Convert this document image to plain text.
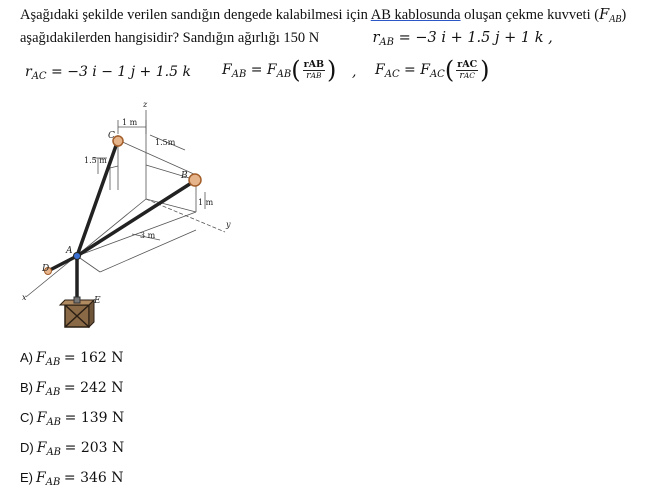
Aşağıdaki şekilde verilen sandığın dengede kalabilmesi için AB kablosunda oluşan çekme kuvveti $(F_{AB})$
aşağıdakilerden hangisidir? Sandığın ağırlığı 150 N	$r_{AB} = -3$ i + 1.5 j + 1 k ,
$r_{AC} = -3$ i − 1 j + 1.5 k $F_{AB} = F_{AB}( \frac{\text{rAB}}{\text{rAB}}$ ) , $F_{AC} = F_{AC}( \frac{\text{rAC}}{\text{rAC}}$ )
z
y
x
A
B
C
D
E
1 m
1.5m
1.5 m
1 m
3 m
A) $F_{AB} = 162$ N
B) $F_{AB} = 242$ N
C) $F_{AB} = 139$ N
D) $F_{AB} = 203$ N
E) $F_{AB} = 346$ N
